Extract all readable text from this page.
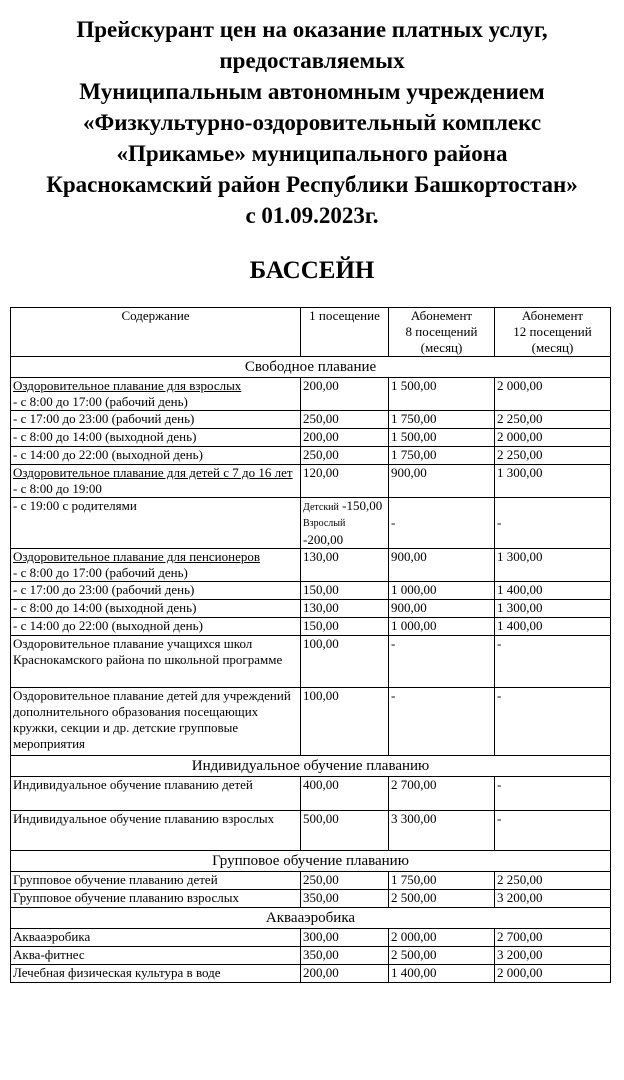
Прейскурант цен на оказание платных услуг,
предоставляемых
Муниципальным автономным учреждением
«Физкультурно-оздоровительный комплекс
«Прикамье» муниципального района
Краснокамский район Республики Башкортостан»
с 01.09.2023г.
БАССЕЙН
Содержание	1 посещение	Абонемент
8 посещений
(месяц)	Абонемент
12 посещений
(месяц)
Свободное плавание			

Оздоровительное плавание для взрослых
- с 8:00 до 17:00 (рабочий день)	200,00	1 500,00	2 000,00
- с 17:00 до 23:00 (рабочий день)	250,00	1 750,00	2 250,00
- с 8:00 до 14:00 (выходной день)	200,00	1 500,00	2 000,00
- с 14:00 до 22:00 (выходной день)	250,00	1 750,00	2 250,00

Оздоровительное плавание для детей с 7 до 16 лет
- с 8:00 до 19:00	120,00	900,00	1 300,00
- с 19:00 с родителями	Детский -150,00
Взрослый
-200,00	-	-

Оздоровительное плавание для пенсионеров
- с 8:00 до 17:00 (рабочий день)	130,00	900,00	1 300,00
- с 17:00 до 23:00 (рабочий день)	150,00	1 000,00	1 400,00
- с 8:00 до 14:00 (выходной день)	130,00	900,00	1 300,00
- с 14:00 до 22:00 (выходной день)	150,00	1 000,00	1 400,00
Оздоровительное плавание учащихся школ Краснокамского района по школьной программе	100,00	-	-
Оздоровительное плавание детей для учреждений дополнительного образования посещающих кружки, секции и др. детские групповые мероприятия	100,00	-	-
Индивидуальное обучение плаванию			
Индивидуальное обучение плаванию детей	400,00	2 700,00	-
Индивидуальное обучение плаванию взрослых	500,00	3 300,00	-
Групповое обучение плаванию			
Групповое обучение плаванию детей	250,00	1 750,00	2 250,00
Групповое обучение плаванию взрослых	350,00	2 500,00	3 200,00
Аквааэробика			
Аквааэробика	300,00	2 000,00	2 700,00
Аква-фитнес	350,00	2 500,00	3 200,00
Лечебная физическая культура в воде	200,00	1 400,00	2 000,00
